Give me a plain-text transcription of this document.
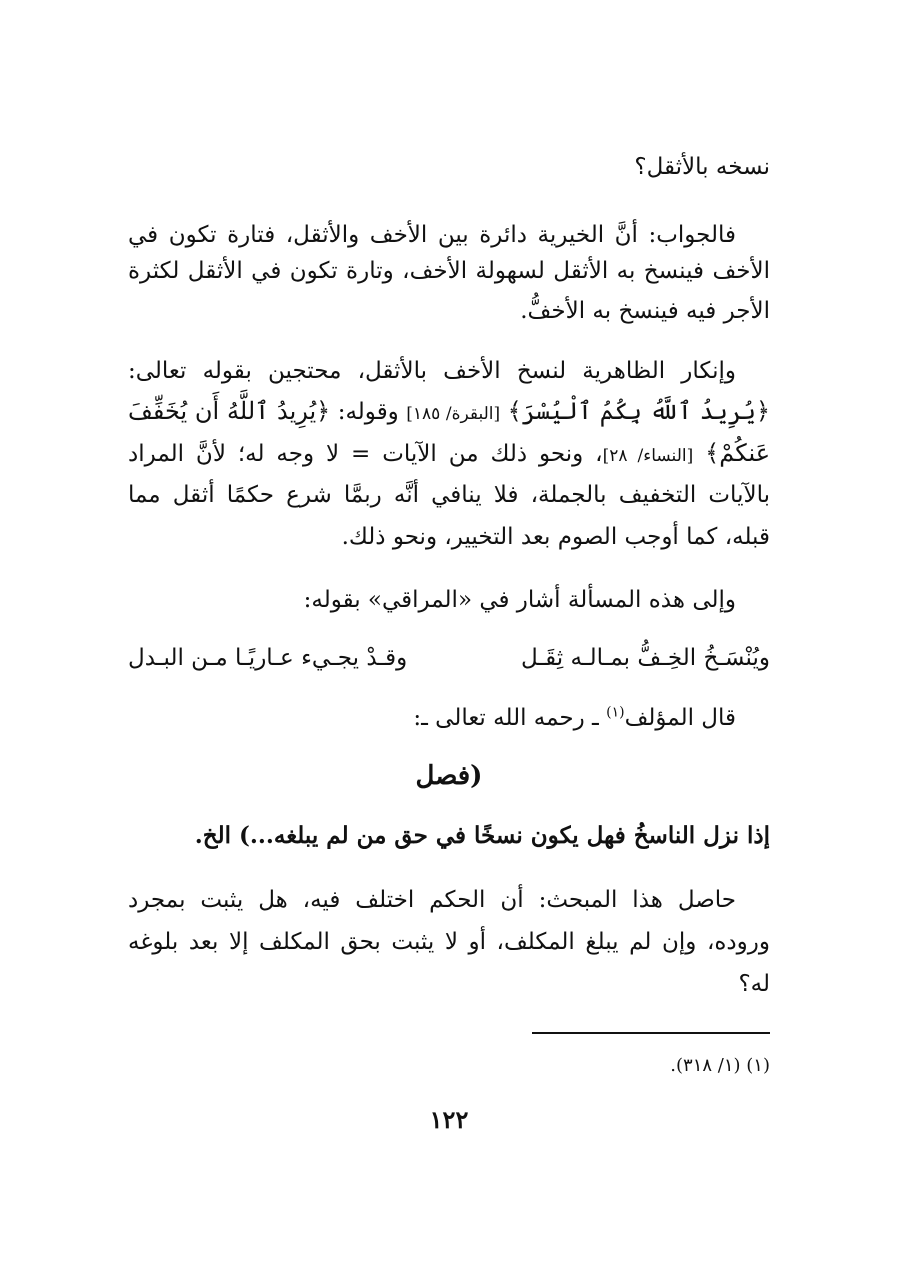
نسخه بالأثقل؟
فالجواب: أنَّ الخيرية دائرة بين الأخف والأثقل، فتارة تكون في
الأخف فينسخ به الأثقل لسهولة الأخف، وتارة تكون في الأثقل لكثرة
الأجر فيه فينسخ به الأخفُّ.
وإنكار الظاهرية لنسخ الأخف بالأثقل، محتجين بقوله تعالى:
﴿يُرِيدُ ٱللَّهُ بِكُمُ ٱلْيُسْرَ﴾ [البقرة/ ١٨٥] وقوله: ﴿يُرِيدُ ٱللَّهُ أَن يُخَفِّفَ
عَنكُمْ﴾ [النساء/ ٢٨]، ونحو ذلك من الآيات = لا وجه له؛ لأنَّ المراد
بالآيات التخفيف بالجملة، فلا ينافي أنَّه ربمَّا شرع حكمًا أثقل مما
قبله، كما أوجب الصوم بعد التخيير، ونحو ذلك.
وإلى هذه المسألة أشار في «المراقي» بقوله:
ويُنْسَـخُ الخِـفُّ بمـالـه ثِقَـل
وقـدْ يجـيء عـاريًـا مـن البـدل
قال المؤلف$^{(١)}$ ـ رحمه الله تعالى ـ:
(فصل
إذا نزل الناسخُ فهل يكون نسخًا في حق من لم يبلغه...) الخ.
حاصل هذا المبحث: أن الحكم اختلف فيه، هل يثبت بمجرد
وروده، وإن لم يبلغ المكلف، أو لا يثبت بحق المكلف إلا بعد بلوغه
له؟
(١) (١/ ٣١٨).
١٢٢
